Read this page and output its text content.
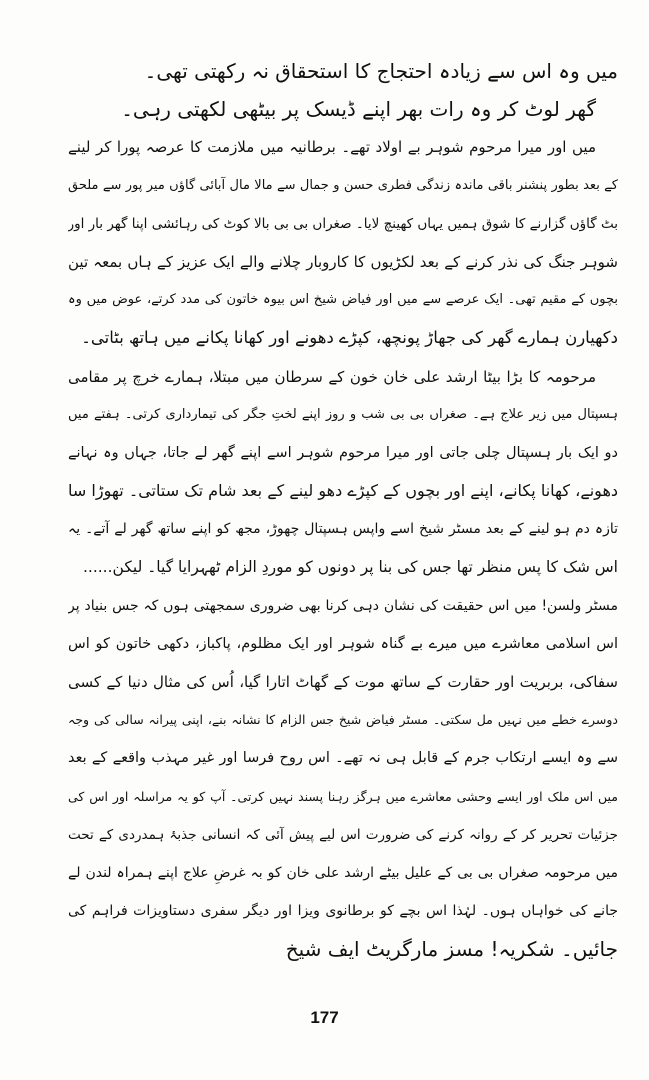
میں وہ اس سے زیادہ احتجاج کا استحقاق نہ رکھتی تھی۔
گھر لوٹ کر وہ رات بھر اپنے ڈیسک پر بیٹھی لکھتی رہی۔
میں اور میرا مرحوم شوہر بے اولاد تھے۔ برطانیہ میں ملازمت کا عرصہ پورا کر لینے
کے بعد بطور پنشنر باقی ماندہ زندگی فطری حسن و جمال سے مالا مال آبائی گاؤں میر پور سے ملحق
بٹ گاؤں گزارنے کا شوق ہمیں یہاں کھینچ لایا۔ صغراں بی بی بالا کوٹ کی رہائشی اپنا گھر بار اور
شوہر جنگ کی نذر کرنے کے بعد لکڑیوں کا کاروبار چلانے والے ایک عزیز کے ہاں بمعہ تین
بچوں کے مقیم تھی۔ ایک عرصے سے میں اور فیاض شیخ اس بیوہ خاتون کی مدد کرتے، عوض میں وہ
دکھیارن ہمارے گھر کی جھاڑ پونچھ، کپڑے دھونے اور کھانا پکانے میں ہاتھ بٹاتی۔
مرحومہ کا بڑا بیٹا ارشد علی خان خون کے سرطان میں مبتلا، ہمارے خرچ پر مقامی
ہسپتال میں زیر علاج ہے۔ صغراں بی بی شب و روز اپنے لختِ جگر کی تیمارداری کرتی۔ ہفتے میں
دو ایک بار ہسپتال چلی جاتی اور میرا مرحوم شوہر اسے اپنے گھر لے جاتا، جہاں وہ نہانے
دھونے، کھانا پکانے، اپنے اور بچوں کے کپڑے دھو لینے کے بعد شام تک ستاتی۔ تھوڑا سا
تازہ دم ہو لینے کے بعد مسٹر شیخ اسے واپس ہسپتال چھوڑ، مجھ کو اپنے ساتھ گھر لے آتے۔ یہ
اس شک کا پس منظر تھا جس کی بنا پر دونوں کو موردِ الزام ٹھہرایا گیا۔ لیکن......
مسٹر ولسن! میں اس حقیقت کی نشان دہی کرنا بھی ضروری سمجھتی ہوں کہ جس بنیاد پر
اس اسلامی معاشرے میں میرے بے گناہ شوہر اور ایک مظلوم، پاکباز، دکھی خاتون کو اس
سفاکی، بربریت اور حقارت کے ساتھ موت کے گھاٹ اتارا گیا، اُس کی مثال دنیا کے کسی
دوسرے خطے میں نہیں مل سکتی۔ مسٹر فیاض شیخ جس الزام کا نشانہ بنے، اپنی پیرانہ سالی کی وجہ
سے وہ ایسے ارتکاب جرم کے قابل ہی نہ تھے۔ اس روح فرسا اور غیر مہذب واقعے کے بعد
میں اس ملک اور ایسے وحشی معاشرے میں ہرگز رہنا پسند نہیں کرتی۔ آپ کو یہ مراسلہ اور اس کی
جزئیات تحریر کر کے روانہ کرنے کی ضرورت اس لیے پیش آئی کہ انسانی جذبۂ ہمدردی کے تحت
میں مرحومہ صغراں بی بی کے علیل بیٹے ارشد علی خان کو بہ غرضِ علاج اپنے ہمراہ لندن لے
جانے کی خواہاں ہوں۔ لہٰذا اس بچے کو برطانوی ویزا اور دیگر سفری دستاویزات فراہم کی
جائیں۔ شکریہ! مسز مارگریٹ ایف شیخ
177
